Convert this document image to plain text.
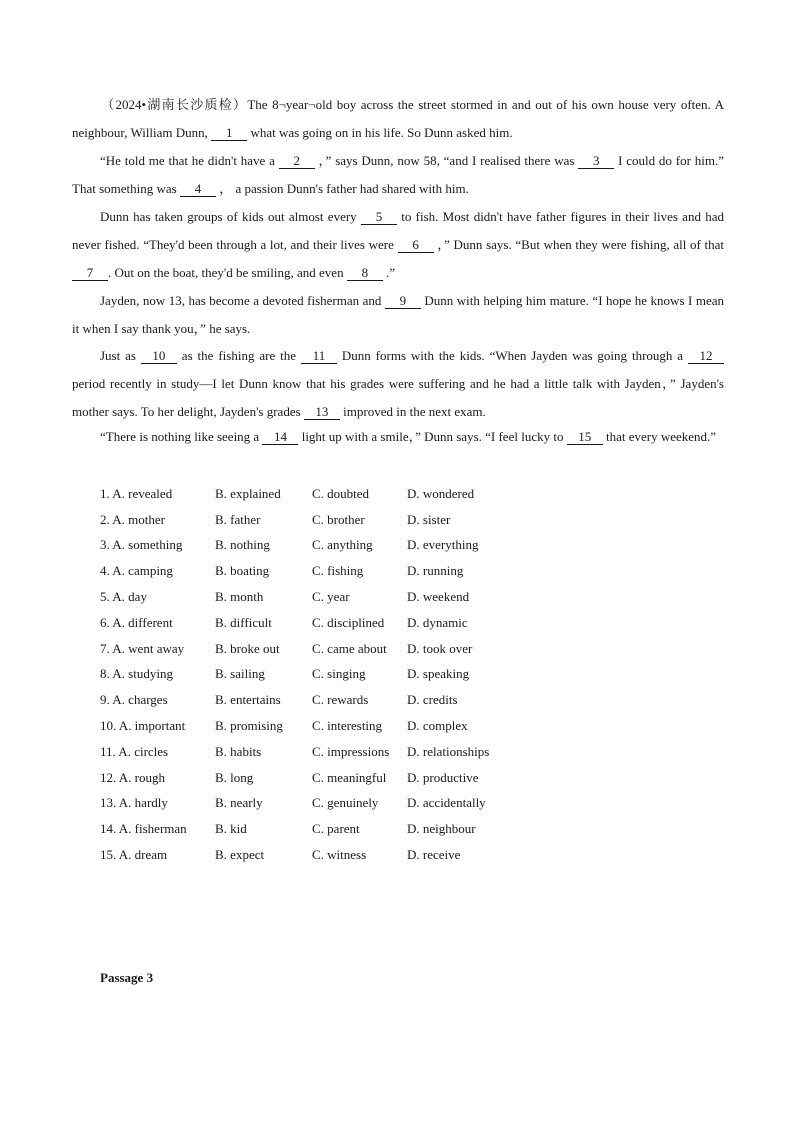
（2024•湖南长沙质检）The 8¬year¬old boy across the street stormed in and out of his own house very often. A neighbour, William Dunn, 1 what was going on in his life. So Dunn asked him.

“He told me that he didn't have a 2 ，” says Dunn, now 58, “and I realised there was 3 I could do for him.” That something was 4 ， a passion Dunn's father had shared with him.

Dunn has taken groups of kids out almost every 5 to fish. Most didn't have father figures in their lives and had never fished. “They'd been through a lot, and their lives were 6 ，” Dunn says. “But when they were fishing, all of that 7 . Out on the boat, they'd be smiling, and even 8 .”

Jayden, now 13, has become a devoted fisherman and 9 Dunn with helping him mature. “I hope he knows I mean it when I say thank you，” he says.

Just as 10 as the fishing are the 11 Dunn forms with the kids. “When Jayden was going through a 12 period recently in study—I let Dunn know that his grades were suffering and he had a little talk with Jayden，” Jayden's mother says. To her delight, Jayden's grades 13 improved in the next exam.

“There is nothing like seeing a 14 light up with a smile，” Dunn says. “I feel lucky to 15 that every weekend.”

1. A. revealed	B. explained	C. doubted	D. wondered
2. A. mother	B. father	C. brother	D. sister
3. A. something	B. nothing	C. anything	D. everything
4. A. camping	B. boating	C. fishing	D. running
5. A. day	B. month	C. year	D. weekend
6. A. different	B. difficult	C. disciplined	D. dynamic
7. A. went away	B. broke out	C. came about	D. took over
8. A. studying	B. sailing	C. singing	D. speaking
9. A. charges	B. entertains	C. rewards	D. credits
10. A. important	B. promising	C. interesting	D. complex
11. A. circles	B. habits	C. impressions	D. relationships
12. A. rough	B. long	C. meaningful	D. productive
13. A. hardly	B. nearly	C. genuinely	D. accidentally
14. A. fisherman	B. kid	C. parent	D. neighbour
15. A. dream	B. expect	C. witness	D. receive
Passage 3
